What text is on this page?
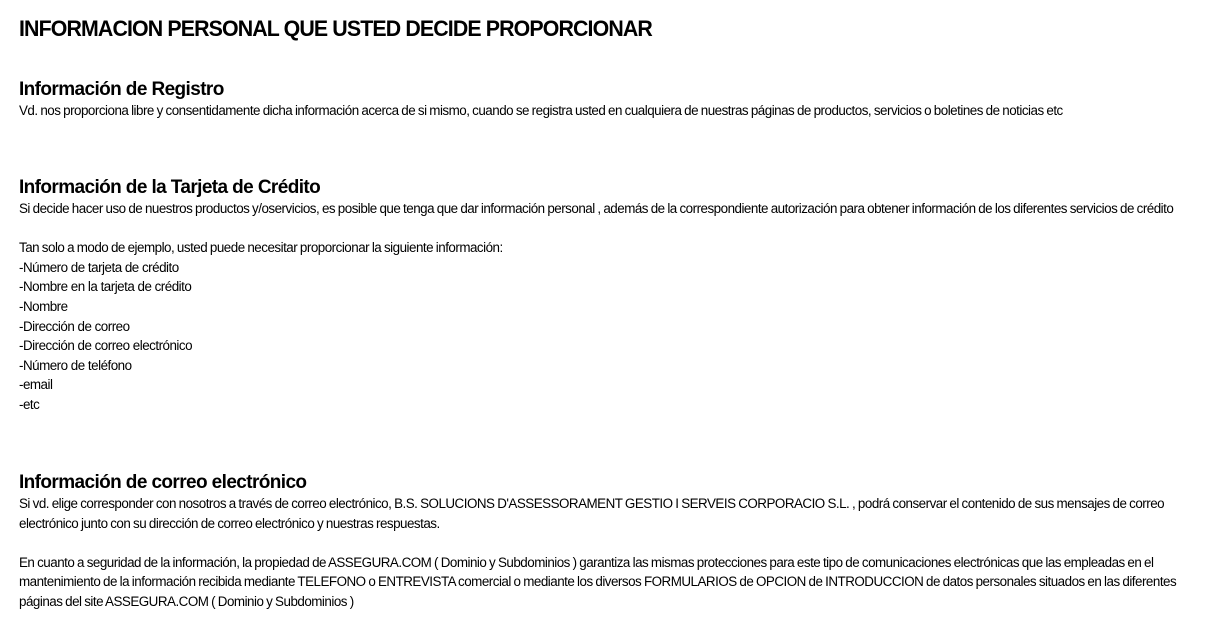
INFORMACION PERSONAL QUE USTED DECIDE PROPORCIONAR
Información de Registro

Vd. nos proporciona libre y consentidamente dicha información acerca de si mismo, cuando se registra usted en cualquiera de nuestras páginas de productos, servicios o boletines de noticias etc

Información de la Tarjeta de Crédito

Si decide hacer uso de nuestros productos y/oservicios, es posible que tenga que dar información personal , además de la correspondiente autorización para obtener información de los diferentes servicios de crédito

Tan solo a modo de ejemplo, usted puede necesitar proporcionar la siguiente información:

-Número de tarjeta de crédito
-Nombre en la tarjeta de crédito
-Nombre
-Dirección de correo
-Dirección de correo electrónico
-Número de teléfono
-email
-etc
Información de correo electrónico

Si vd. elige corresponder con nosotros a través de correo electrónico, B.S. SOLUCIONS D'ASSESSORAMENT GESTIO I SERVEIS CORPORACIO S.L. , podrá conservar el contenido de sus mensajes de correo electrónico junto con su dirección de correo electrónico y nuestras respuestas.

En cuanto a seguridad de la información, la propiedad de ASSEGURA.COM ( Dominio y Subdominios ) garantiza las mismas protecciones para este tipo de comunicaciones electrónicas que las empleadas en el mantenimiento de la información recibida mediante TELEFONO o ENTREVISTA comercial o mediante los diversos FORMULARIOS de OPCION de INTRODUCCION de datos personales situados en las diferentes páginas del site ASSEGURA.COM ( Dominio y Subdominios )
